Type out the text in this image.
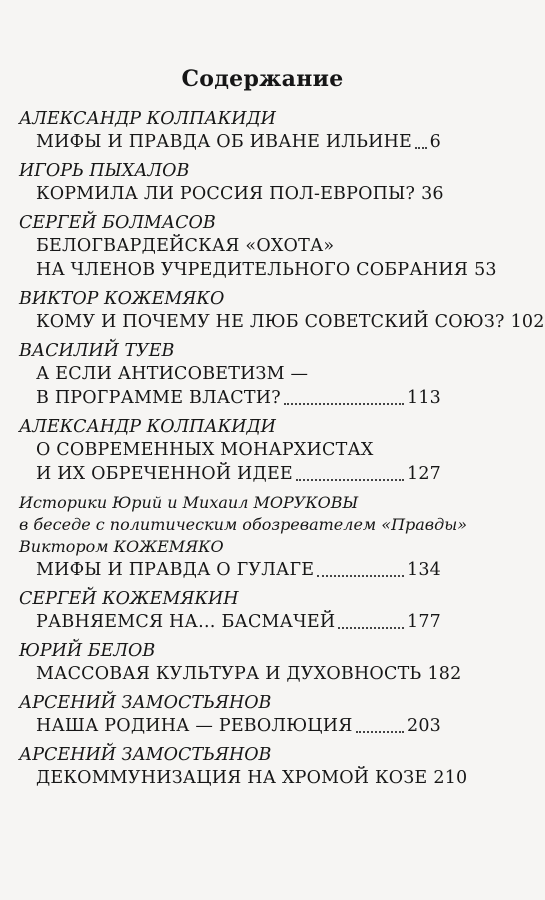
Содержание
АЛЕКСАНДР КОЛПАКИДИ
МИФЫ И ПРАВДА ОБ ИВАНЕ ИЛЬИНЕ 6
ИГОРЬ ПЫХАЛОВ
КОРМИЛА ЛИ РОССИЯ ПОЛ-ЕВРОПЫ? 36
СЕРГЕЙ БОЛМАСОВ
БЕЛОГВАРДЕЙСКАЯ «ОХОТА»
НА ЧЛЕНОВ УЧРЕДИТЕЛЬНОГО СОБРАНИЯ 53
ВИКТОР КОЖЕМЯКО
КОМУ И ПОЧЕМУ НЕ ЛЮБ СОВЕТСКИЙ СОЮЗ? 102
ВАСИЛИЙ ТУЕВ
А ЕСЛИ АНТИСОВЕТИЗМ —
В ПРОГРАММЕ ВЛАСТИ?	113
АЛЕКСАНДР КОЛПАКИДИ
О СОВРЕМЕННЫХ МОНАРХИСТАХ
И ИХ ОБРЕЧЕННОЙ ИДЕЕ	127
Историки Юрий и Михаил МОРУКОВЫ
в беседе с политическим обозревателем «Правды»
Виктором КОЖЕМЯКО
МИФЫ И ПРАВДА О ГУЛАГЕ	134
СЕРГЕЙ КОЖЕМЯКИН
РАВНЯЕМСЯ НА… БАСМАЧЕЙ	177
ЮРИЙ БЕЛОВ
МАССОВАЯ КУЛЬТУРА И ДУХОВНОСТЬ 182
АРСЕНИЙ ЗАМОСТЬЯНОВ
НАША РОДИНА — РЕВОЛЮЦИЯ	203
АРСЕНИЙ ЗАМОСТЬЯНОВ
ДЕКОММУНИЗАЦИЯ НА ХРОМОЙ КОЗЕ 210
